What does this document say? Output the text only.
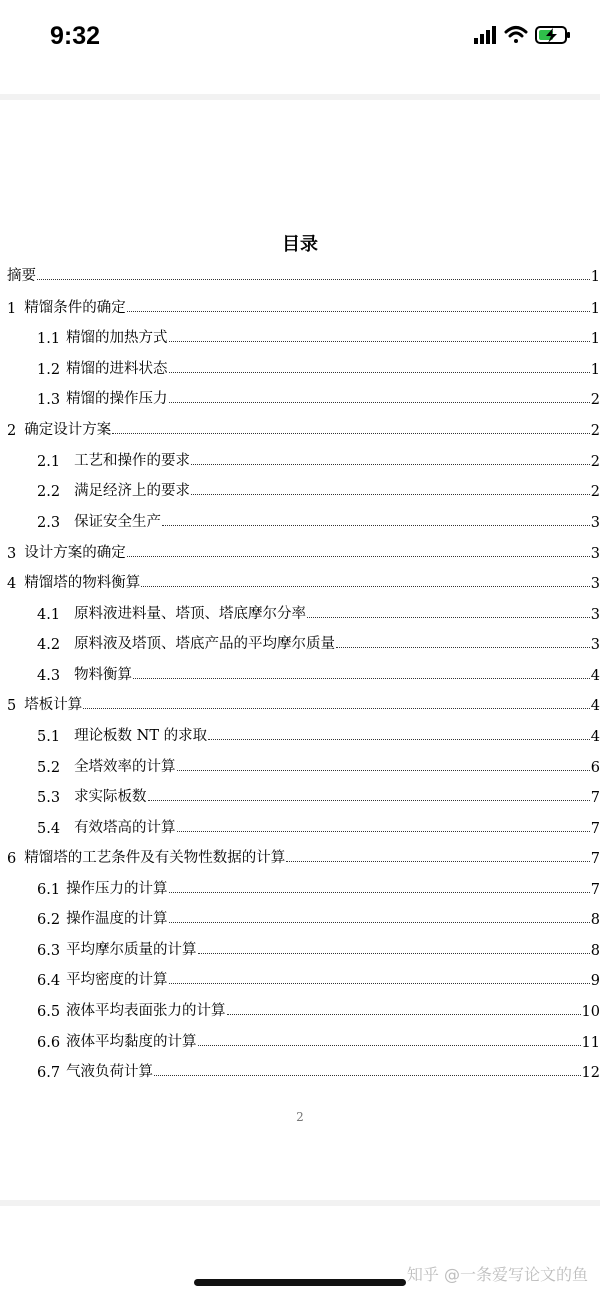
9:32
目录
摘要	1
1 精馏条件的确定	1
1.1 精馏的加热方式	1
1.2 精馏的进料状态	1
1.3 精馏的操作压力	2
2 确定设计方案	2
2.1 工艺和操作的要求	2
2.2 满足经济上的要求	2
2.3 保证安全生产	3
3 设计方案的确定	3
4 精馏塔的物料衡算	3
4.1 原料液进料量、塔顶、塔底摩尔分率	3
4.2 原料液及塔顶、塔底产品的平均摩尔质量	3
4.3 物料衡算	4
5 塔板计算	4
5.1 理论板数 NT 的求取	4
5.2 全塔效率的计算	6
5.3 求实际板数	7
5.4 有效塔高的计算	7
6 精馏塔的工艺条件及有关物性数据的计算	7
6.1 操作压力的计算	7
6.2 操作温度的计算	8
6.3 平均摩尔质量的计算	8
6.4 平均密度的计算	9
6.5 液体平均表面张力的计算	10
6.6 液体平均黏度的计算	11
6.7 气液负荷计算	12
2
知乎 @一条爱写论文的鱼
